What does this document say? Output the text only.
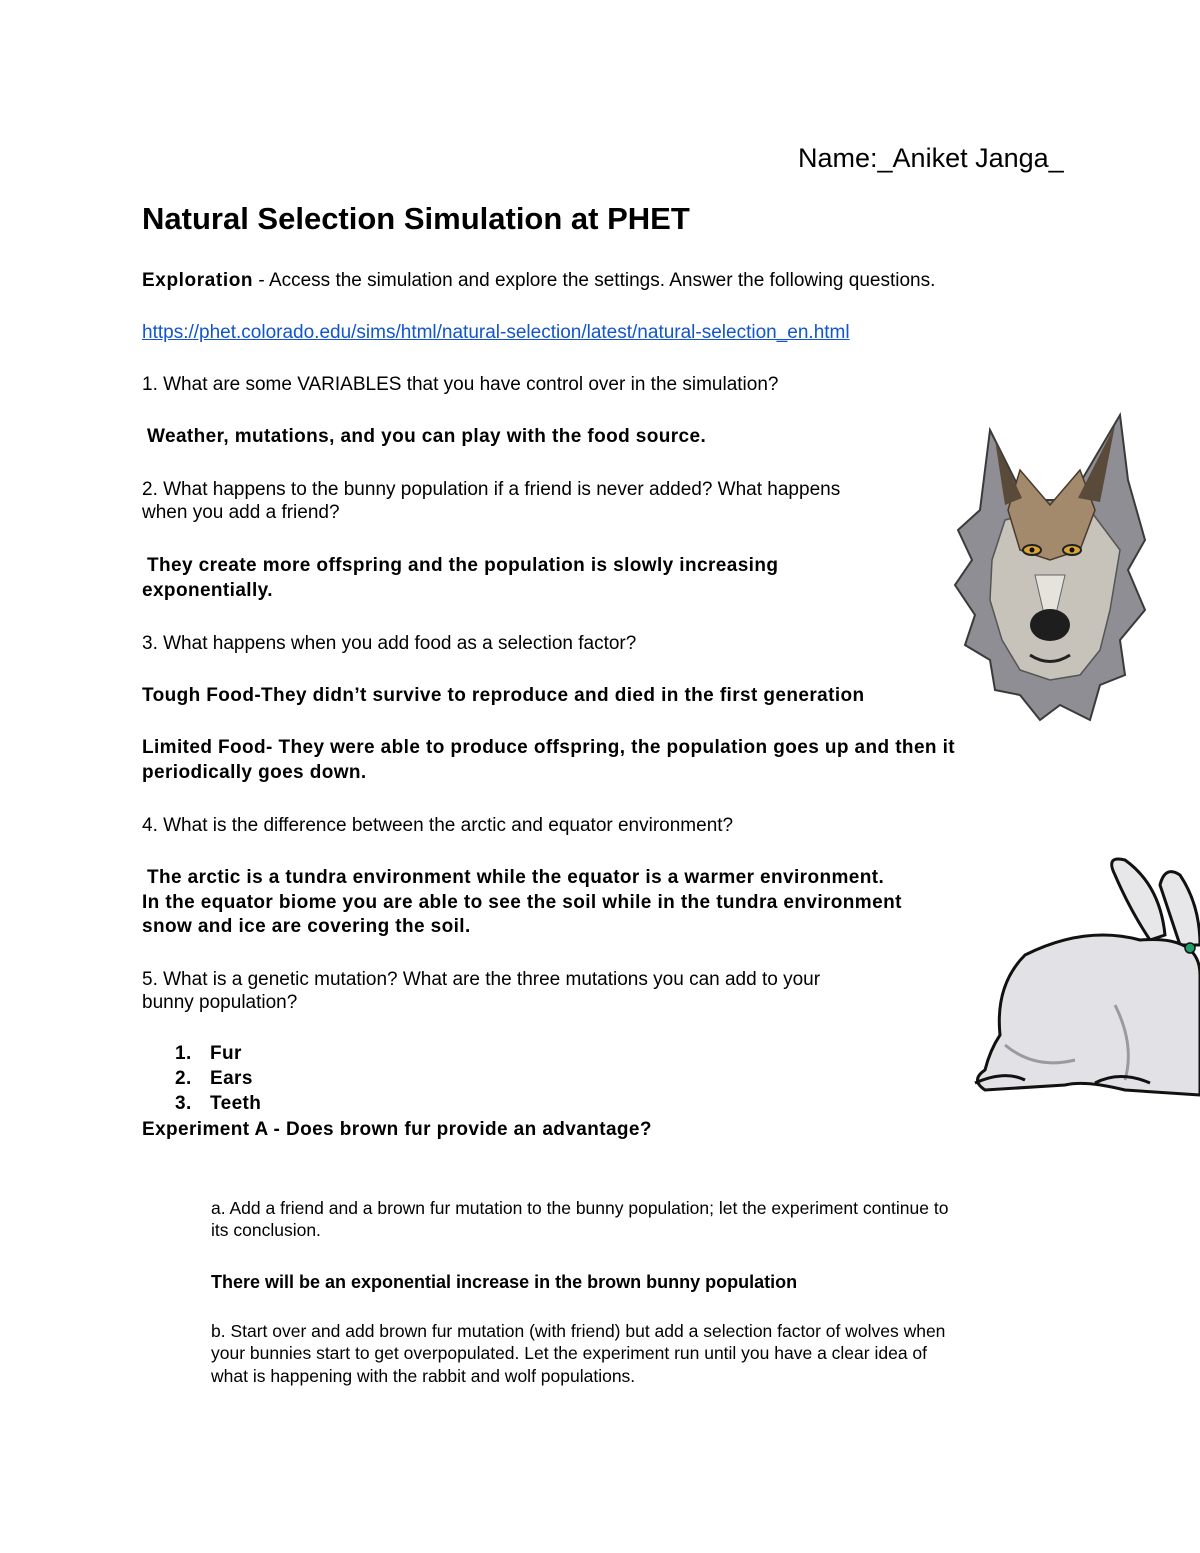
Name:_Aniket Janga_

Natural Selection Simulation at PHET

Exploration - Access the simulation and explore the settings. Answer the following questions.

https://phet.colorado.edu/sims/html/natural-selection/latest/natural-selection_en.html

1. What are some VARIABLES that you have control over in the simulation?

Weather, mutations, and you can play with the food source.

2. What happens to the bunny population if a friend is never added? What happens

when you add a friend?

They create more offspring and the population is slowly increasing

exponentially.

3. What happens when you add food as a selection factor?

Tough Food-They didn’t survive to reproduce and died in the first generation

Limited Food- They were able to produce offspring, the population goes up and then it

periodically goes down.

4. What is the difference between the arctic and equator environment?

The arctic is a tundra environment while the equator is a warmer environment.

In the equator biome you are able to see the soil while in the tundra environment

snow and ice are covering the soil.

5. What is a genetic mutation? What are the three mutations you can add to your

bunny population?

1. Fur
2. Ears
3. Teeth

Experiment A - Does brown fur provide an advantage?

a. Add a friend and a brown fur mutation to the bunny population; let the experiment continue to

its conclusion.

There will be an exponential increase in the brown bunny population

b. Start over and add brown fur mutation (with friend) but add a selection factor of wolves when

your bunnies start to get overpopulated. Let the experiment run until you have a clear idea of

what is happening with the rabbit and wolf populations.
